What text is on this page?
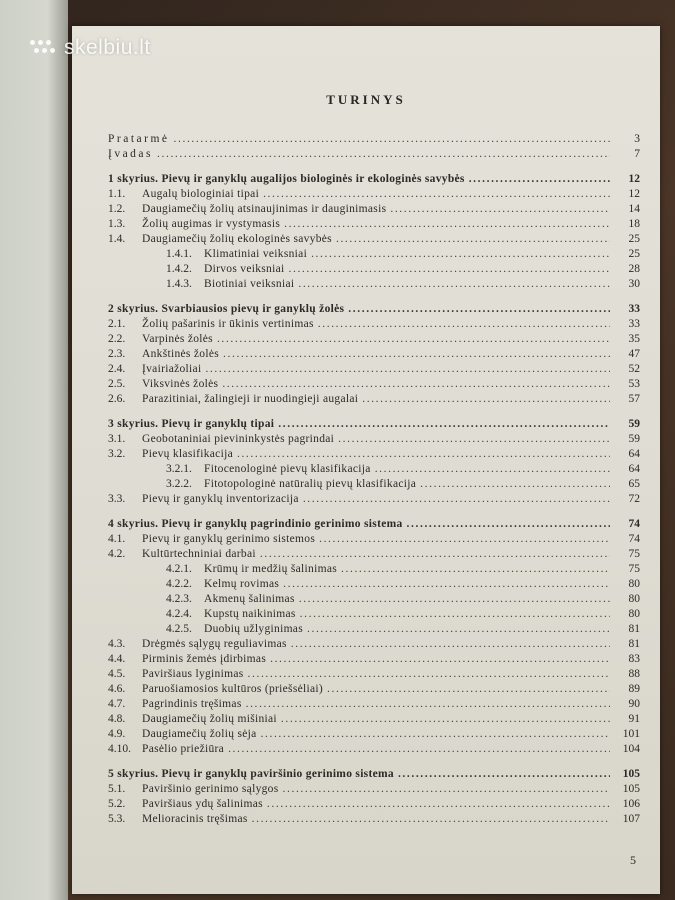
skelbiu.lt
TURINYS
Pratarmė .....	3
Įvadas .....	7
1 skyrius. Pievų ir ganyklų augalijos biologinės ir ekologinės savybės .....	12
1.1.	Augalų biologiniai tipai .....	12
1.2.	Daugiamečių žolių atsinaujinimas ir dauginimasis .....	14
1.3.	Žolių augimas ir vystymasis .....	18
1.4.	Daugiamečių žolių ekologinės savybės .....	25
1.4.1.	Klimatiniai veiksniai .....	25
1.4.2.	Dirvos veiksniai .....	28
1.4.3.	Biotiniai veiksniai .....	30
2 skyrius. Svarbiausios pievų ir ganyklų žolės .....	33
2.1.	Žolių pašarinis ir ūkinis vertinimas .....	33
2.2.	Varpinės žolės .....	35
2.3.	Ankštinės žolės .....	47
2.4.	Įvairiažoliai .....	52
2.5.	Viksvinės žolės .....	53
2.6.	Parazitiniai, žalingieji ir nuodingieji augalai .....	57
3 skyrius. Pievų ir ganyklų tipai .....	59
3.1.	Geobotaniniai pievininkystės pagrindai .....	59
3.2.	Pievų klasifikacija .....	64
3.2.1.	Fitocenologinė pievų klasifikacija .....	64
3.2.2.	Fitotopologinė natūralių pievų klasifikacija .....	65
3.3.	Pievų ir ganyklų inventorizacija .....	72
4 skyrius. Pievų ir ganyklų pagrindinio gerinimo sistema .....	74
4.1.	Pievų ir ganyklų gerinimo sistemos .....	74
4.2.	Kultūrtechniniai darbai .....	75
4.2.1.	Krūmų ir medžių šalinimas .....	75
4.2.2.	Kelmų rovimas .....	80
4.2.3.	Akmenų šalinimas .....	80
4.2.4.	Kupstų naikinimas .....	80
4.2.5.	Duobių užlyginimas .....	81
4.3.	Drėgmės sąlygų reguliavimas .....	81
4.4.	Pirminis žemės įdirbimas .....	83
4.5.	Paviršiaus lyginimas .....	88
4.6.	Paruošiamosios kultūros (priešsėliai) .....	89
4.7.	Pagrindinis tręšimas .....	90
4.8.	Daugiamečių žolių mišiniai .....	91
4.9.	Daugiamečių žolių sėja .....	101
4.10. Pasėlio priežiūra .....	104
5 skyrius. Pievų ir ganyklų paviršinio gerinimo sistema .....	105
5.1.	Paviršinio gerinimo sąlygos .....	105
5.2.	Paviršiaus ydų šalinimas .....	106
5.3.	Melioracinis tręšimas .....	107
5
